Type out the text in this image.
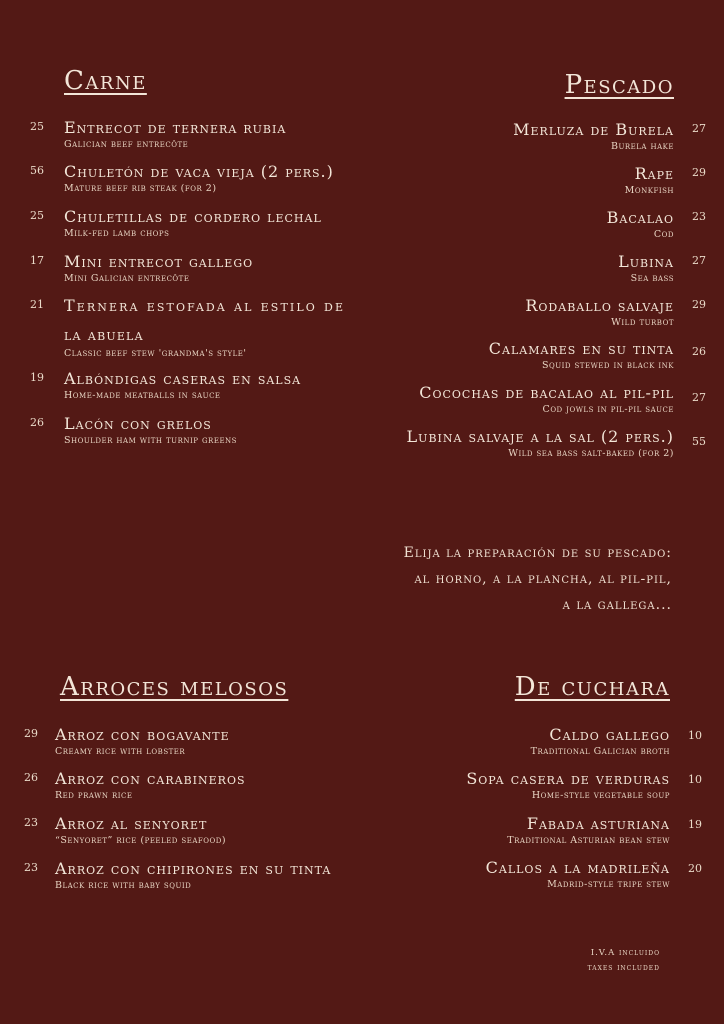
Carne
25 Entrecot de ternera rubia
Galician beef entrecôte
56 Chuletón de vaca vieja (2 pers.)
Mature beef rib steak (for 2)
25 Chuletillas de cordero lechal
Milk-fed lamb chops
17 Mini entrecot gallego
Mini Galician entrecôte
21 Ternera estofada al estilo de
la abuela
Classic beef stew 'grandma's style'
19 Albóndigas caseras en salsa
Home-made meatballs in sauce
26 Lacón con grelos
Shoulder ham with turnip greens
Pescado
Merluza de Burela
Burela hake
27
Rape
Monkfish
29
Bacalao
Cod
23
Lubina
Sea bass
27
Rodaballo salvaje
Wild turbot
29
Calamares en su tinta
Squid stewed in black ink
26
Cocochas de bacalao al pil-pil
Cod jowls in pil-pil sauce
27
Lubina salvaje a la sal (2 pers.)
Wild sea bass salt-baked (for 2)
55
Elija la preparación de su pescado:
al horno, a la plancha, al pil-pil,
a la gallega...
Arroces melosos
29 Arroz con bogavante
Creamy rice with lobster
26 Arroz con carabineros
Red prawn rice
23 Arroz al senyoret
“Senyoret” rice (peeled seafood)
23 Arroz con chipirones en su tinta
Black rice with baby squid
De cuchara
Caldo gallego
Traditional Galician broth
10
Sopa casera de verduras
Home-style vegetable soup
10
Fabada asturiana
Traditional Asturian bean stew
19
Callos a la madrileña
Madrid-style tripe stew
20
I.V.A incluido
taxes included
